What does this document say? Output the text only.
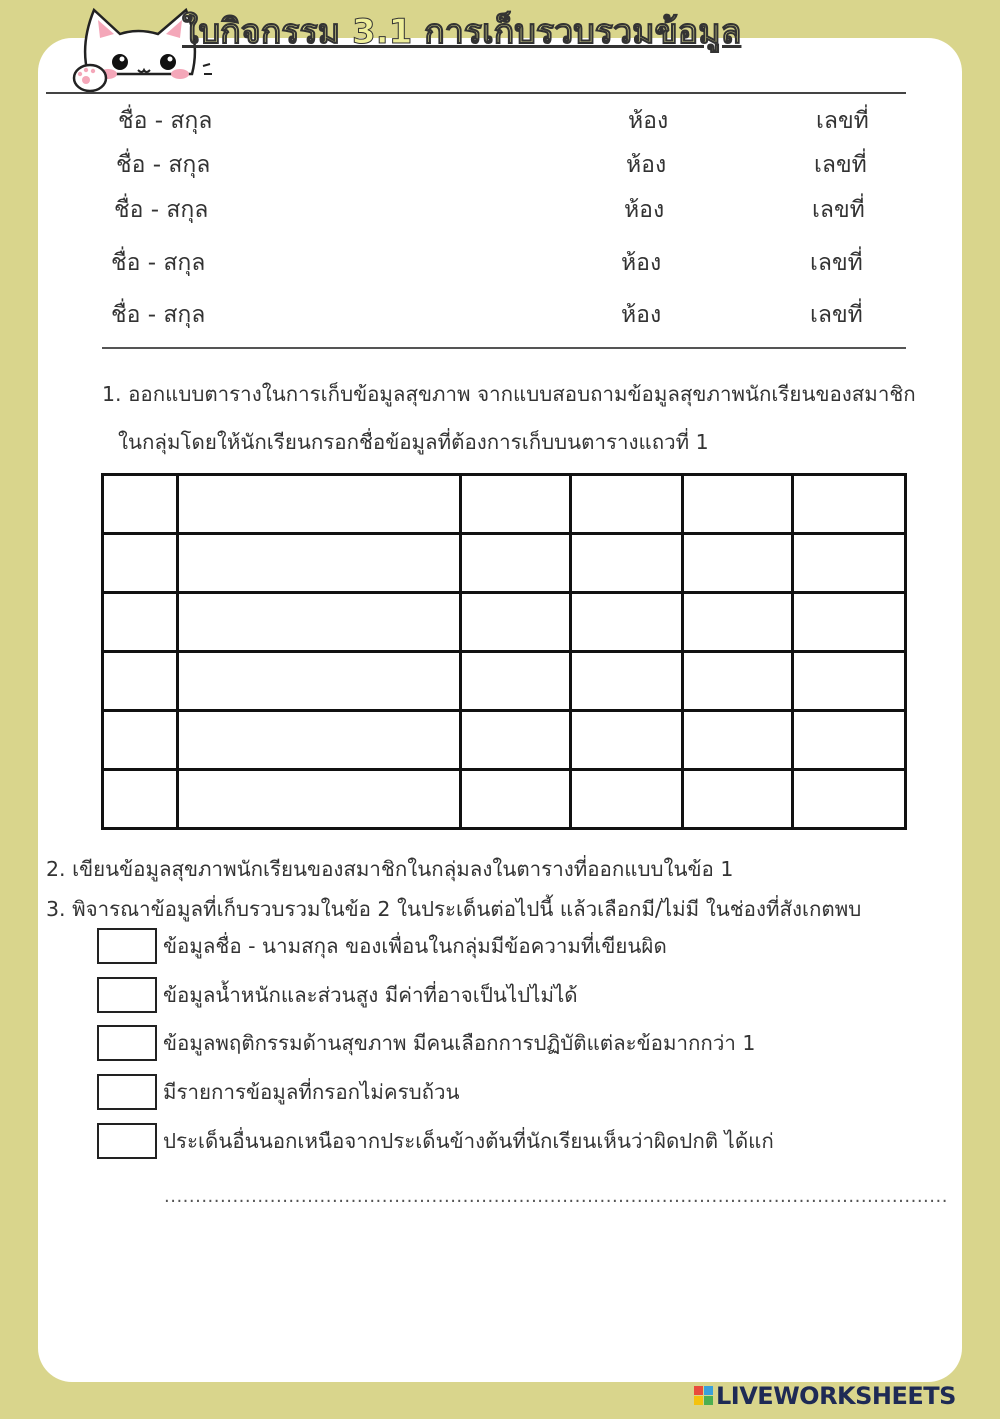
ใบกิจกรรม 3.1 การเก็บรวบรวมข้อมูล
ชื่อ - สกุล	ห้อง	เลขที่
ชื่อ - สกุล	ห้อง	เลขที่
ชื่อ - สกุล	ห้อง	เลขที่
ชื่อ - สกุล	ห้อง	เลขที่
ชื่อ - สกุล	ห้อง	เลขที่
1. ออกแบบตารางในการเก็บข้อมูลสุขภาพ จากแบบสอบถามข้อมูลสุขภาพนักเรียนของสมาชิก
ในกลุ่มโดยให้นักเรียนกรอกชื่อข้อมูลที่ต้องการเก็บบนตารางแถวที่ 1

2. เขียนข้อมูลสุขภาพนักเรียนของสมาชิกในกลุ่มลงในตารางที่ออกแบบในข้อ 1
3. พิจารณาข้อมูลที่เก็บรวบรวมในข้อ 2 ในประเด็นต่อไปนี้ แล้วเลือกมี/ไม่มี ในช่องที่สังเกตพบ
ข้อมูลชื่อ - นามสกุล ของเพื่อนในกลุ่มมีข้อความที่เขียนผิด
ข้อมูลน้ำหนักและส่วนสูง มีค่าที่อาจเป็นไปไม่ได้
ข้อมูลพฤติกรรมด้านสุขภาพ มีคนเลือกการปฏิบัติแต่ละข้อมากกว่า 1
มีรายการข้อมูลที่กรอกไม่ครบถ้วน
ประเด็นอื่นนอกเหนือจากประเด็นข้างต้นที่นักเรียนเห็นว่าผิดปกติ ได้แก่
..............................................................................................................................
LIVEWORKSHEETS
